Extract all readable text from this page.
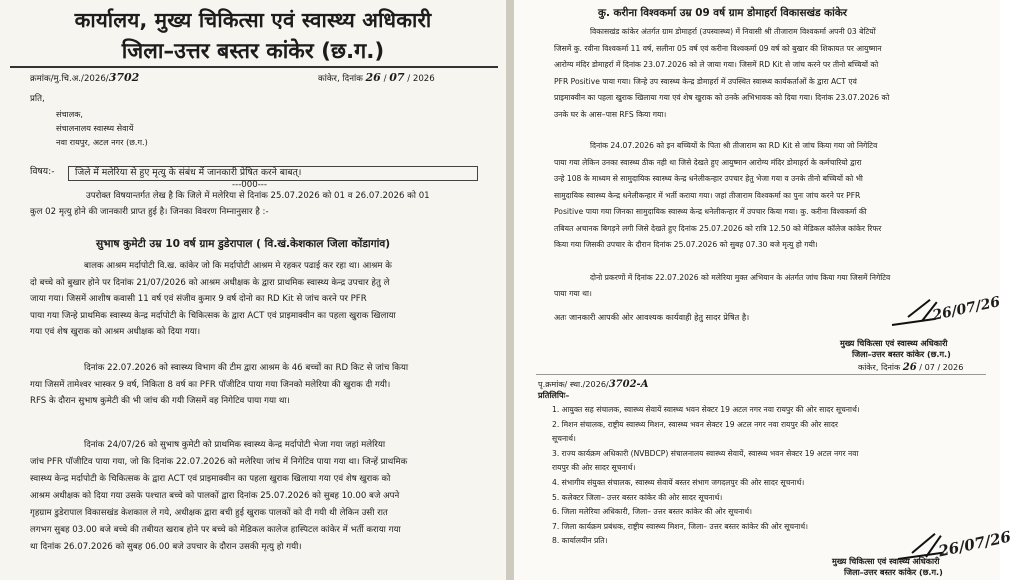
कार्यालय, मुख्य चिकित्सा एवं स्वास्थ्य अधिकारी
जिला–उत्तर बस्तर कांकेर (छ.ग.)
क्रमांक/मु.चि.अ./2026/3702	कांकेर, दिनांक 26 / 07 / 2026
प्रति,
संचालक,
संचालनालय स्वास्थ्य सेवायें
नवा रायपुर, अटल नगर (छ.ग.)
विषय:-	जिले में मलेरिया से हुए मृत्यु के संबंध में जानकारी प्रेषित करने बाबत्।
---000---
उपरोक्त विषयान्तर्गत लेख है कि जिले में मलेरिया से दिनांक 25.07.2026 को 01 व 26.07.2026 को 01
कुल 02 मृत्यु होने की जानकारी प्राप्त हुई है। जिनका विवरण निम्नानुसार है :-
सुभाष कुमेटी उम्र 10 वर्ष ग्राम डुडेरापाल ( वि.खं.केशकाल जिला कोंडागांव)
बालक आश्रम मर्दापोटी वि.ख. कांकेर जो कि मर्दापोटी आश्रम मे रहकर पढाई कर रहा था। आश्रम के
दो बच्चे को बुखार होने पर दिनांक 21/07/2026 को आश्रम अधीक्षक के द्वारा प्राथमिक स्वास्थ्य केन्द्र उपचार हेतु ले
जाया गया। जिसमें आशीष कवासी 11 वर्ष एवं संजीव कुमार 9 वर्ष दोनो का RD Kit से जांच करने पर PFR
पाया गया जिन्हे प्राथमिक स्वास्थ्य केन्द्र मर्दापोटी के चिकित्सक के द्वारा ACT एवं प्राइमाक्वीन का पहला खुराक खिलाया
गया एवं शेष खुराक को आश्रम अधीक्षक को दिया गया।
दिनांक 22.07.2026 को स्वास्थ्य विभाग की टीम द्वारा आश्रम के 46 बच्चों का RD किट से जांच किया
गया जिसमें तामेश्वर भास्कर 9 वर्ष, निकिता 8 वर्ष का PFR पॉजीटिव पाया गया जिनको मलेरिया की खुराक दी गयी।
RFS के दौरान सुभाष कुमेटी की भी जांच की गयी जिसमें वह निगेटिव पाया गया था।
दिनांक 24/07/26 को सुभाष कुमेटी को प्राथमिक स्वास्थ्य केन्द्र मर्दापोटी भेजा गया जहां मलेरिया
जांच PFR पॉजीटिव पाया गया, जो कि दिनांक 22.07.2026 को मलेरिया जांच में निगेटिव पाया गया था। जिन्हें प्राथमिक
स्वास्थ्य केन्द्र मर्दापोटी के चिकित्सक के द्वारा ACT एवं प्राइमाक्वीन का पहला खुराक खिलाया गया एवं शेष खुराक को
आश्रम अधीक्षक को दिया गया उसके पश्चात बच्चे को पालकों द्वारा दिनांक 25.07.2026 को सुबह 10.00 बजे अपने
गृहग्राम डुडेरापाल विकासखंड केशकाल ले गये, अधीक्षक द्वारा बची हुई खुराक पालकों को दी गयी थी लेकिन उसी रात
लगभग सुबह 03.00 बजे बच्चे की तबीयत खराब होने पर बच्चे को मेडिकल कालेज हास्पिटल कांकेर में भर्ती कराया गया
था दिनांक 26.07.2026 को सुबह 06.00 बजे उपचार के दौरान उसकी मृत्यु हो गयी।
कु. करीना विश्वकर्मा उम्र 09 वर्ष ग्राम डोमाहर्रा विकासखंड कांकेर
विकासखंड कांकेर अंतर्गत ग्राम डोमाहर्रा (उपस्वास्थ्य) में निवासी श्री तीजाराम विश्वकर्मा अपनी 03 बेटियों
जिसमें कु. रवीना विश्वकर्मा 11 वर्ष, सलीना 05 वर्ष एवं करीना विश्वकर्मा 09 वर्ष को बुखार की शिकायत पर आयुष्मान
आरोग्य मंदिर डोमाहर्रा में दिनांक 23.07.2026 को ले जाया गया। जिसमें RD Kit से जांच करने पर तीनो बच्चियों को
PFR Positive पाया गया। जिन्हे उप स्वास्थ्य केन्द्र डोमाहर्रा में उपस्थित स्वास्थ्य कार्यकर्ताओं के द्वारा ACT एवं
प्राइमाक्वीन का पहला खुराक खिलाया गया एवं शेष खुराक को उनके अभिभावक को दिया गया। दिनांक 23.07.2026 को
उनके घर के आस–पास RFS किया गया।
दिनांक 24.07.2026 को इन बच्चियों के पिता श्री तीजाराम का RD Kit से जांच किया गया जो निगेटिव
पाया गया लेकिन उनका स्वास्थ्य ठीक नही था जिसे देखते हुए आयुष्मान आरोग्य मंदिर डोमाहर्रा के कर्मचारियो द्वारा
उन्हे 108 के माध्यम से सामुदायिक स्वास्थ्य केन्द्र धनेलीकन्हार उपचार हेतु भेजा गया व उनके तीनो बच्चियों को भी
सामुदायिक स्वास्थ्य केन्द्र धनेलीकन्हार में भर्ती कराया गया। जहां तीजाराम विश्वकर्मा का पुनः जांच करने पर PFR
Positive पाया गया जिनका सामुदायिक स्वास्थ्य केन्द्र धनेलीकन्हार में उपचार किया गया। कु. करीना विश्वकर्मा की
तबियत अचानक बिगड़ने लगी जिसे देखते हुए दिनांक 25.07.2026 को रात्रि 12.50 को मेडिकल कॉलेज कांकेर रिफर
किया गया जिसकी उपचार के दौरान दिनांक 25.07.2026 को सुबह 07.30 बजे मृत्यु हो गयी।
दोनो प्रकरणों में दिनांक 22.07.2026 को मलेरिया मुक्त अभियान के अंतर्गत जांच किया गया जिसमें निगेटिव
पाया गया था।
अतः जानकारी आपकी ओर आवश्यक कार्यवाही हेतु सादर प्रेषित है।	26/07/26
मुख्य चिकित्सा एवं स्वास्थ्य अधिकारी
जिला–उत्तर बस्तर कांकेर (छ.ग.)
कांकेर, दिनांक 26 / 07 / 2026
पृ.क्रमांक/ स्था./2026/3702-A
प्रतिलिपिः–
1. आयुक्त सह संचालक, स्वास्थ्य सेवायें स्वास्थ्य भवन सेक्टर 19 अटल नगर नवा रायपुर की ओर सादर सूचनार्थ।
2. मिशन संचालक, राष्ट्रीय स्वास्थ्य मिशन, स्वास्थ्य भवन सेक्टर 19 अटल नगर नवा रायपुर की ओर सादर
सूचनार्थ।
3. राज्य कार्यक्रम अधिकारी (NVBDCP) संचालनालय स्वास्थ्य सेवायें, स्वास्थ्य भवन सेक्टर 19 अटल नगर नवा
रायपुर की ओर सादर सूचनार्थ।
4. संभागीय संयुक्त संचालक, स्वास्थ्य सेवायें बस्तर संभाग जगदलपुर की ओर सादर सूचनार्थ।
5. कलेक्टर जिला– उत्तर बस्तर कांकेर की ओर सादर सूचनार्थ।
6. जिला मलेरिया अधिकारी, जिला– उत्तर बस्तर कांकेर की ओर सूचनार्थ।
7. जिला कार्यक्रम प्रबंधक, राष्ट्रीय स्वास्थ्य मिशन, जिला– उत्तर बस्तर कांकेर की ओर सूचनार्थ।
8. कार्यालयीन प्रति।	26/07/26
मुख्य चिकित्सा एवं स्वास्थ्य अधिकारी
जिला–उत्तर बस्तर कांकेर (छ.ग.)
